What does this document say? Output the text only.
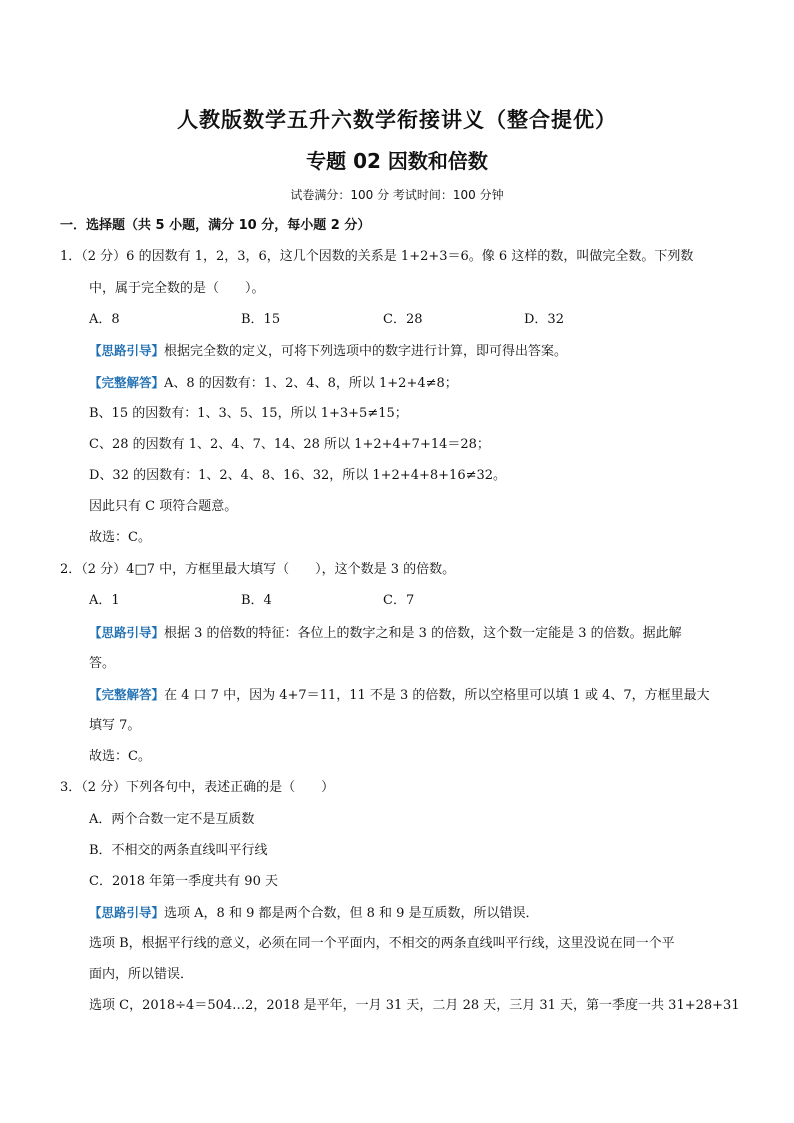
人教版数学五升六数学衔接讲义（整合提优）
专题 02 因数和倍数
试卷满分：100 分 考试时间：100 分钟
一．选择题（共 5 小题，满分 10 分，每小题 2 分）
1．（2 分）6 的因数有 1，2，3，6，这几个因数的关系是 1+2+3＝6。像 6 这样的数，叫做完全数。下列数
中，属于完全数的是（　　）。
A．8	B．15	C．28	D．32
【思路引导】根据完全数的定义，可将下列选项中的数字进行计算，即可得出答案。
【完整解答】A、8 的因数有：1、2、4、8，所以 1+2+4≠8；
B、15 的因数有：1、3、5、15，所以 1+3+5≠15；
C、28 的因数有 1、2、4、7、14、28 所以 1+2+4+7+14＝28；
D、32 的因数有：1、2、4、8、16、32，所以 1+2+4+8+16≠32。
因此只有 C 项符合题意。
故选：C。
2．（2 分）4□7 中，方框里最大填写（　　），这个数是 3 的倍数。
A．1	B．4	C．7
【思路引导】根据 3 的倍数的特征：各位上的数字之和是 3 的倍数，这个数一定能是 3 的倍数。据此解
答。
【完整解答】在 4 口 7 中，因为 4+7＝11，11 不是 3 的倍数，所以空格里可以填 1 或 4、7，方框里最大
填写 7。
故选：C。
3．（2 分）下列各句中，表述正确的是（　　）
A．两个合数一定不是互质数
B．不相交的两条直线叫平行线
C．2018 年第一季度共有 90 天
【思路引导】选项 A，8 和 9 都是两个合数，但 8 和 9 是互质数，所以错误．
选项 B，根据平行线的意义，必须在同一个平面内，不相交的两条直线叫平行线，这里没说在同一个平
面内，所以错误．
选项 C，2018÷4＝504…2，2018 是平年，一月 31 天，二月 28 天，三月 31 天，第一季度一共 31+28+31
